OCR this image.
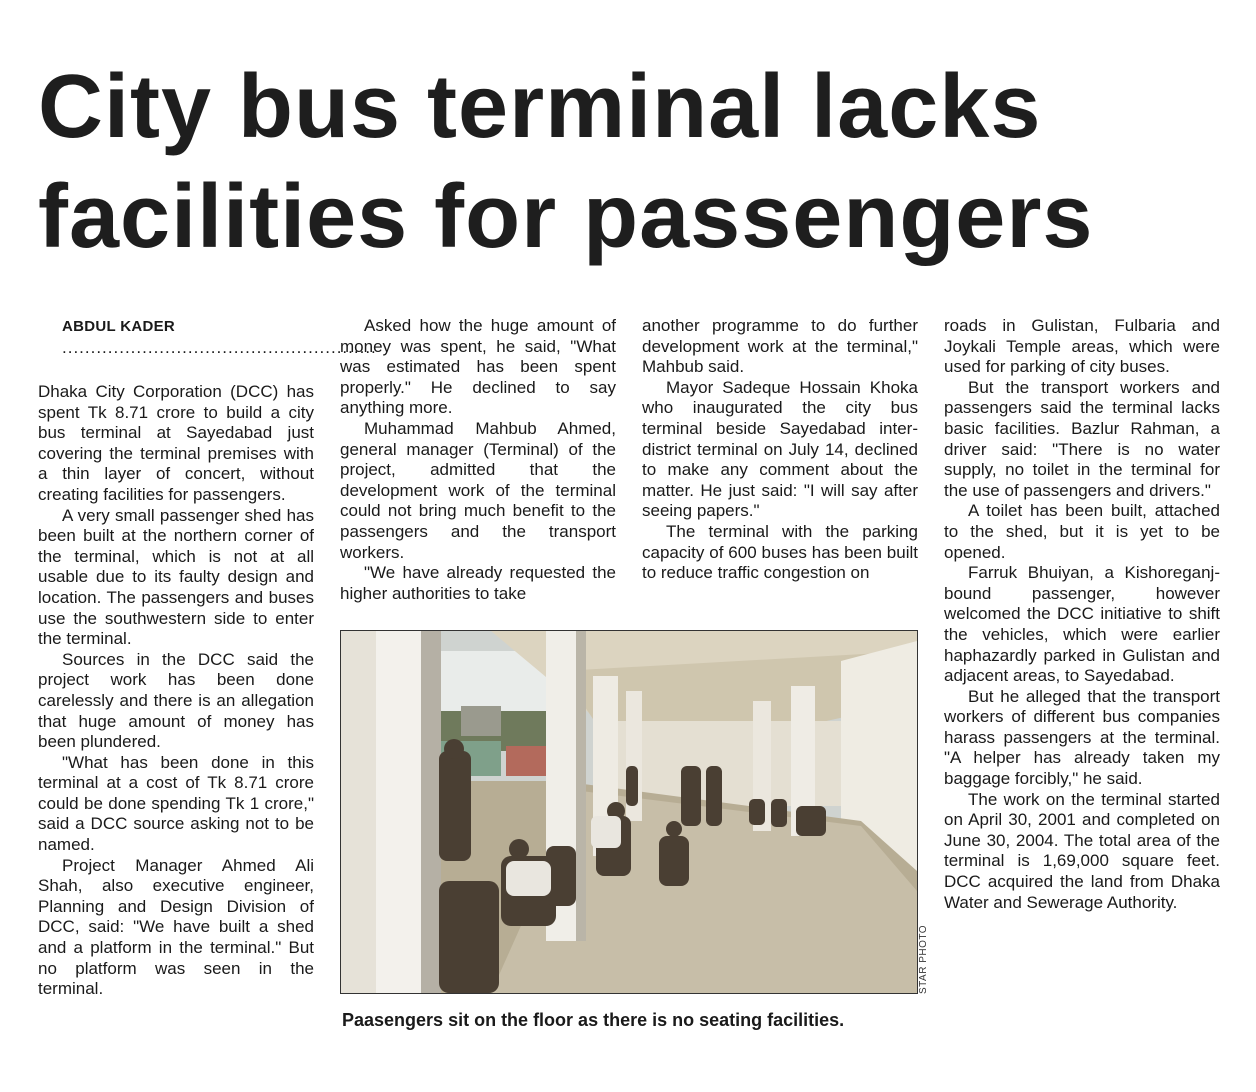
City bus terminal lacks
facilities for passengers

ABDUL KADER

.......................................................

Dhaka City Corporation (DCC) has spent Tk 8.71 crore to build a city bus terminal at Sayedabad just covering the terminal premises with a thin layer of concert, without creating facilities for passengers.

A very small passenger shed has been built at the northern corner of the terminal, which is not at all usable due to its faulty design and location. The passengers and buses use the southwestern side to enter the terminal.

Sources in the DCC said the project work has been done carelessly and there is an allegation that huge amount of money has been plundered.

"What has been done in this terminal at a cost of Tk 8.71 crore could be done spending Tk 1 crore," said a DCC source asking not to be named.

Project Manager Ahmed Ali Shah, also executive engineer, Planning and Design Division of DCC, said: "We have built a shed and a platform in the terminal." But no platform was seen in the terminal.

Asked how the huge amount of money was spent, he said, "What was estimated has been spent properly." He declined to say anything more.

Muhammad Mahbub Ahmed, general manager (Terminal) of the project, admitted that the development work of the terminal could not bring much benefit to the passengers and the transport workers.

"We have already requested the higher authorities to take

another programme to do further development work at the terminal," Mahbub said.

Mayor Sadeque Hossain Khoka who inaugurated the city bus terminal beside Sayedabad inter-district terminal on July 14, declined to make any comment about the matter. He just said: "I will say after seeing papers."

The terminal with the parking capacity of 600 buses has been built to reduce traffic congestion on

roads in Gulistan, Fulbaria and Joykali Temple areas, which were used for parking of city buses.

But the transport workers and passengers said the terminal lacks basic facilities. Bazlur Rahman, a driver said: "There is no water supply, no toilet in the terminal for the use of passengers and drivers."

A toilet has been built, attached to the shed, but it is yet to be opened.

Farruk Bhuiyan, a Kishoreganj-bound passenger, however welcomed the DCC initiative to shift the vehicles, which were earlier haphazardly parked in Gulistan and adjacent areas, to Sayedabad.

But he alleged that the transport workers of different bus companies harass passengers at the terminal. "A helper has already taken my baggage forcibly," he said.

The work on the terminal started on April 30, 2001 and completed on June 30, 2004. The total area of the terminal is 1,69,000 square feet. DCC acquired the land from Dhaka Water and Sewerage Authority.

STAR PHOTO
Paasengers sit on the floor as there is no seating facilities.
